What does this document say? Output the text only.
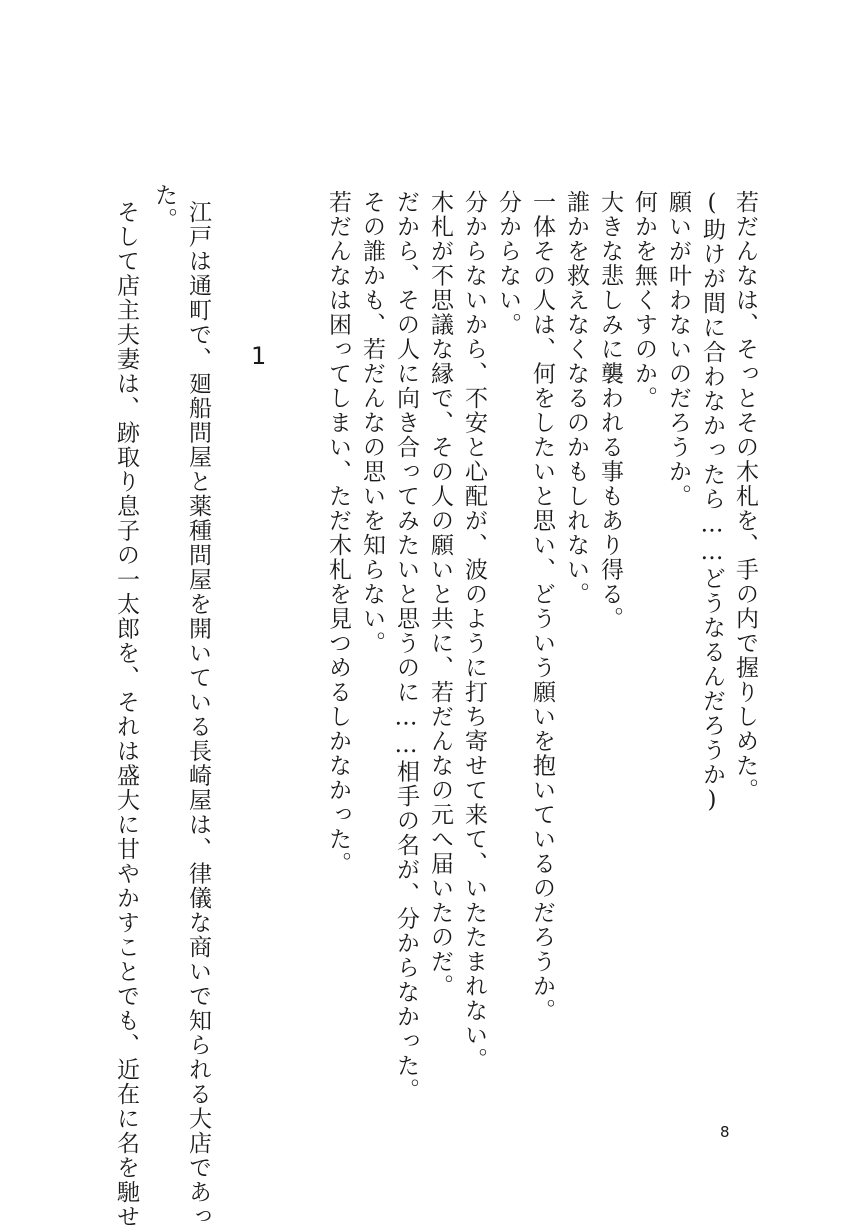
若だんなは、そっとその木札を、手の内で握りしめた。
(助けが間に合わなかったら……どうなるんだろうか)
願いが叶わないのだろうか。
何かを無くすのか。
大きな悲しみに襲われる事もあり得る。
誰かを救えなくなるのかもしれない。
一体その人は、何をしたいと思い、どういう願いを抱いているのだろうか。
分からない。
分からないから、不安と心配が、波のように打ち寄せて来て、いたたまれない。
木札が不思議な縁で、その人の願いと共に、若だんなの元へ届いたのだ。
だから、その人に向き合ってみたいと思うのに……相手の名が、分からなかった。
その誰かも、若だんなの思いを知らない。
若だんなは困ってしまい、ただ木札を見つめるしかなかった。
1
江戸は通町で、廻船問屋と薬種問屋を開いている長崎屋は、律儀な商いで知られる大店であっ
た。
そして店主夫妻は、跡取り息子の一太郎を、それは盛大に甘やかすことでも、近在に名を馳せ	8
